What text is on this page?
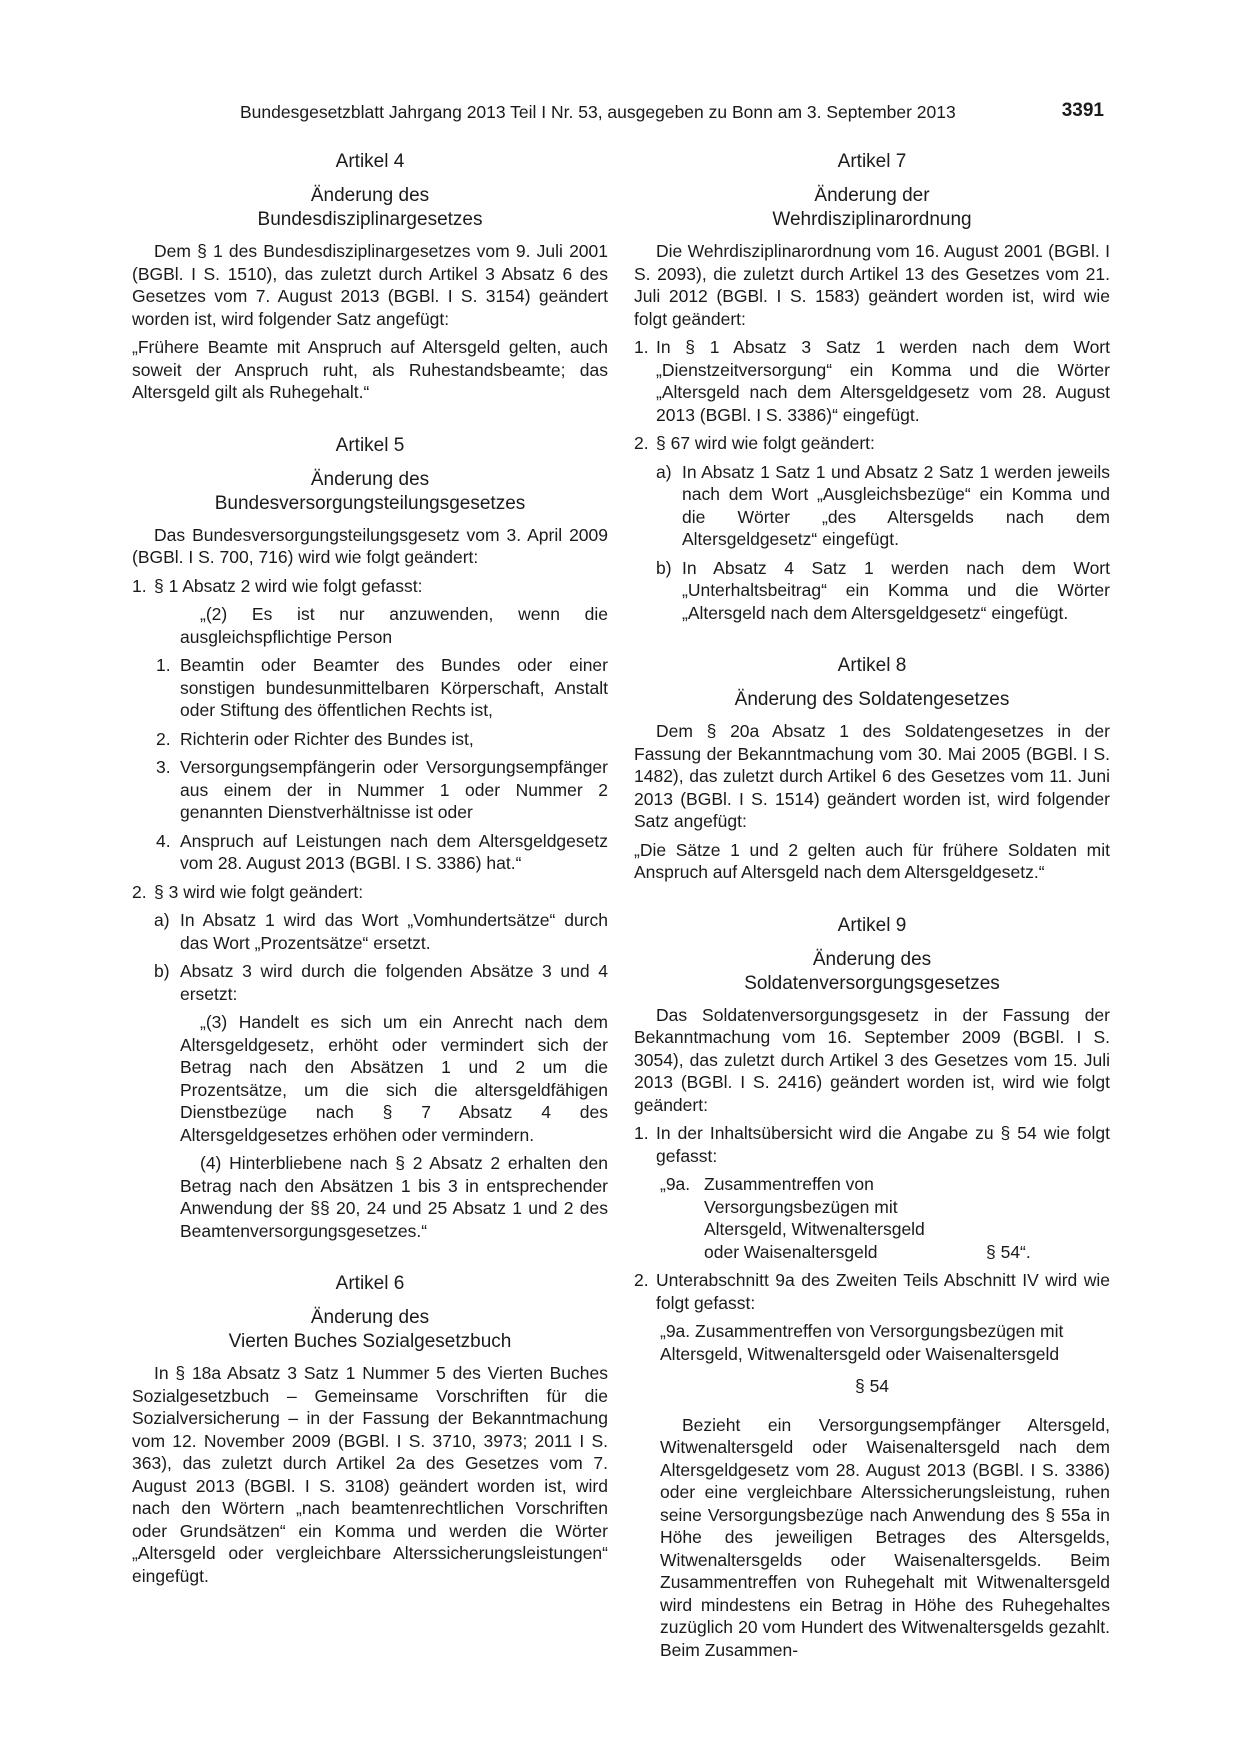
Bundesgesetzblatt Jahrgang 2013 Teil I Nr. 53, ausgegeben zu Bonn am 3. September 2013	3391
Artikel 4
Änderung des
Bundesdisziplinargesetzes

Dem § 1 des Bundesdisziplinargesetzes vom 9. Juli 2001 (BGBl. I S. 1510), das zuletzt durch Artikel 3 Absatz 6 des Gesetzes vom 7. August 2013 (BGBl. I S. 3154) geändert worden ist, wird folgender Satz angefügt:

„Frühere Beamte mit Anspruch auf Altersgeld gelten, auch soweit der Anspruch ruht, als Ruhestandsbeamte; das Altersgeld gilt als Ruhegehalt.“

Artikel 5
Änderung des
Bundesversorgungsteilungsgesetzes

Das Bundesversorgungsteilungsgesetz vom 3. April 2009 (BGBl. I S. 700, 716) wird wie folgt geändert:

1. § 1 Absatz 2 wird wie folgt gefasst:
„(2) Es ist nur anzuwenden, wenn die ausgleichspflichtige Person
1. Beamtin oder Beamter des Bundes oder einer sonstigen bundesunmittelbaren Körperschaft, Anstalt oder Stiftung des öffentlichen Rechts ist,
2. Richterin oder Richter des Bundes ist,
3. Versorgungsempfängerin oder Versorgungsempfänger aus einem der in Nummer 1 oder Nummer 2 genannten Dienstverhältnisse ist oder
4. Anspruch auf Leistungen nach dem Altersgeldgesetz vom 28. August 2013 (BGBl. I S. 3386) hat.“
2. § 3 wird wie folgt geändert:
a) In Absatz 1 wird das Wort „Vomhundertsätze“ durch das Wort „Prozentsätze“ ersetzt.
b) Absatz 3 wird durch die folgenden Absätze 3 und 4 ersetzt:
„(3) Handelt es sich um ein Anrecht nach dem Altersgeldgesetz, erhöht oder vermindert sich der Betrag nach den Absätzen 1 und 2 um die Prozentsätze, um die sich die altersgeldfähigen Dienstbezüge nach § 7 Absatz 4 des Altersgeldgesetzes erhöhen oder vermindern.
(4) Hinterbliebene nach § 2 Absatz 2 erhalten den Betrag nach den Absätzen 1 bis 3 in entsprechender Anwendung der §§ 20, 24 und 25 Absatz 1 und 2 des Beamtenversorgungsgesetzes.“
Artikel 6
Änderung des
Vierten Buches Sozialgesetzbuch

In § 18a Absatz 3 Satz 1 Nummer 5 des Vierten Buches Sozialgesetzbuch – Gemeinsame Vorschriften für die Sozialversicherung – in der Fassung der Bekanntmachung vom 12. November 2009 (BGBl. I S. 3710, 3973; 2011 I S. 363), das zuletzt durch Artikel 2a des Gesetzes vom 7. August 2013 (BGBl. I S. 3108) geändert worden ist, wird nach den Wörtern „nach beamtenrechtlichen Vorschriften oder Grundsätzen“ ein Komma und werden die Wörter „Altersgeld oder vergleichbare Alterssicherungsleistungen“ eingefügt.

Artikel 7
Änderung der
Wehrdisziplinarordnung

Die Wehrdisziplinarordnung vom 16. August 2001 (BGBl. I S. 2093), die zuletzt durch Artikel 13 des Gesetzes vom 21. Juli 2012 (BGBl. I S. 1583) geändert worden ist, wird wie folgt geändert:

1. In § 1 Absatz 3 Satz 1 werden nach dem Wort „Dienstzeitversorgung“ ein Komma und die Wörter „Altersgeld nach dem Altersgeldgesetz vom 28. August 2013 (BGBl. I S. 3386)“ eingefügt.
2. § 67 wird wie folgt geändert:
a) In Absatz 1 Satz 1 und Absatz 2 Satz 1 werden jeweils nach dem Wort „Ausgleichsbezüge“ ein Komma und die Wörter „des Altersgelds nach dem Altersgeldgesetz“ eingefügt.
b) In Absatz 4 Satz 1 werden nach dem Wort „Unterhaltsbeitrag“ ein Komma und die Wörter „Altersgeld nach dem Altersgeldgesetz“ eingefügt.
Artikel 8
Änderung des Soldatengesetzes

Dem § 20a Absatz 1 des Soldatengesetzes in der Fassung der Bekanntmachung vom 30. Mai 2005 (BGBl. I S. 1482), das zuletzt durch Artikel 6 des Gesetzes vom 11. Juni 2013 (BGBl. I S. 1514) geändert worden ist, wird folgender Satz angefügt:

„Die Sätze 1 und 2 gelten auch für frühere Soldaten mit Anspruch auf Altersgeld nach dem Altersgeldgesetz.“

Artikel 9
Änderung des
Soldatenversorgungsgesetzes

Das Soldatenversorgungsgesetz in der Fassung der Bekanntmachung vom 16. September 2009 (BGBl. I S. 3054), das zuletzt durch Artikel 3 des Gesetzes vom 15. Juli 2013 (BGBl. I S. 2416) geändert worden ist, wird wie folgt geändert:

1. In der Inhaltsübersicht wird die Angabe zu § 54 wie folgt gefasst:
„9a. Zusammentreffen von Versorgungsbezügen mit Altersgeld, Witwenaltersgeld oder Waisenaltersgeld	§ 54“.
2. Unterabschnitt 9a des Zweiten Teils Abschnitt IV wird wie folgt gefasst:
„9a. Zusammentreffen von Versorgungsbezügen mit Altersgeld, Witwenaltersgeld oder Waisenaltersgeld
§ 54
Bezieht ein Versorgungsempfänger Altersgeld, Witwenaltersgeld oder Waisenaltersgeld nach dem Altersgeldgesetz vom 28. August 2013 (BGBl. I S. 3386) oder eine vergleichbare Alterssicherungsleistung, ruhen seine Versorgungsbezüge nach Anwendung des § 55a in Höhe des jeweiligen Betrages des Altersgelds, Witwenaltersgelds oder Waisenaltersgelds. Beim Zusammentreffen von Ruhegehalt mit Witwenaltersgeld wird mindestens ein Betrag in Höhe des Ruhegehaltes zuzüglich 20 vom Hundert des Witwenaltersgelds gezahlt. Beim Zusammen-
